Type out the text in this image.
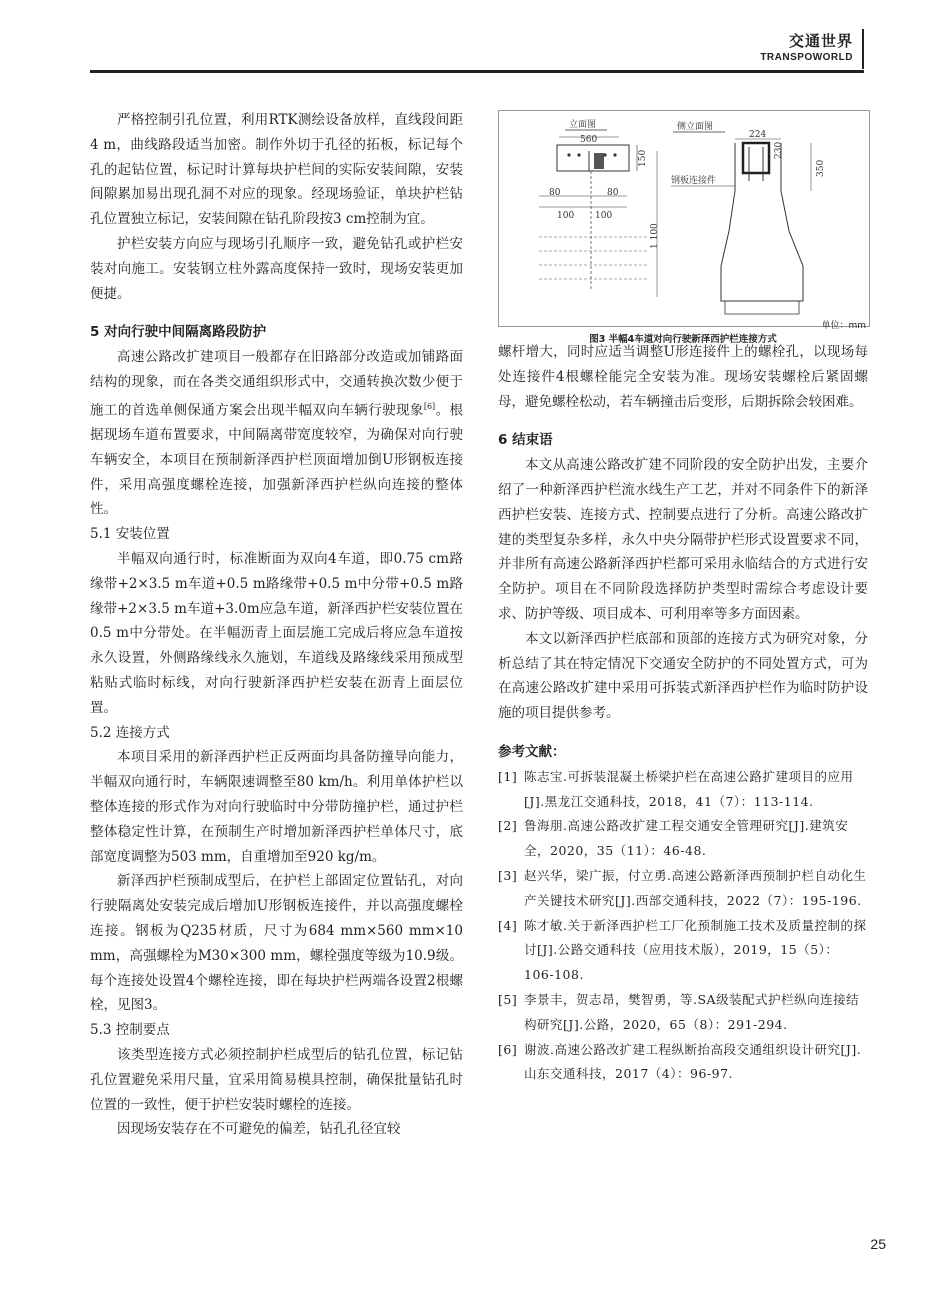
交通世界
TRANSPOWORLD

严格控制引孔位置，利用RTK测绘设备放样，直线段间距4 m，曲线路段适当加密。制作外切于孔径的拓板，标记每个孔的起钻位置，标记时计算每块护栏间的实际安装间隙，安装间隙累加易出现孔洞不对应的现象。经现场验证，单块护栏钻孔位置独立标记，安装间隙在钻孔阶段按3 cm控制为宜。

护栏安装方向应与现场引孔顺序一致，避免钻孔或护栏安装对向施工。安装钢立柱外露高度保持一致时，现场安装更加便捷。

5 对向行驶中间隔离路段防护

高速公路改扩建项目一般都存在旧路部分改造或加铺路面结构的现象，而在各类交通组织形式中，交通转换次数少便于施工的首选单侧保通方案会出现半幅双向车辆行驶现象[6]。根据现场车道布置要求，中间隔离带宽度较窄，为确保对向行驶车辆安全，本项目在预制新泽西护栏顶面增加倒U形钢板连接件，采用高强度螺栓连接，加强新泽西护栏纵向连接的整体性。

5.1 安装位置

半幅双向通行时，标准断面为双向4车道，即0.75 cm路缘带+2×3.5 m车道+0.5 m路缘带+0.5 m中分带+0.5 m路缘带+2×3.5 m车道+3.0m应急车道，新泽西护栏安装位置在0.5 m中分带处。在半幅沥青上面层施工完成后将应急车道按永久设置，外侧路缘线永久施划，车道线及路缘线采用预成型粘贴式临时标线，对向行驶新泽西护栏安装在沥青上面层位置。

5.2 连接方式

本项目采用的新泽西护栏正反两面均具备防撞导向能力，半幅双向通行时，车辆限速调整至80 km/h。利用单体护栏以整体连接的形式作为对向行驶临时中分带防撞护栏，通过护栏整体稳定性计算，在预制生产时增加新泽西护栏单体尺寸，底部宽度调整为503 mm，自重增加至920 kg/m。

新泽西护栏预制成型后，在护栏上部固定位置钻孔，对向行驶隔离处安装完成后增加U形钢板连接件，并以高强度螺栓连接。钢板为Q235材质，尺寸为684 mm×560 mm×10 mm，高强螺栓为M30×300 mm，螺栓强度等级为10.9级。每个连接处设置4个螺栓连接，即在每块护栏两端各设置2根螺栓，见图3。

5.3 控制要点

该类型连接方式必须控制护栏成型后的钻孔位置，标记钻孔位置避免采用尺量，宜采用简易模具控制，确保批量钻孔时位置的一致性，便于护栏安装时螺栓的连接。

因现场安装存在不可避免的偏差，钻孔孔径宜较

立面图
560
150
80	80
100 100
1 100
侧立面图
224
230
350
钢板连接件
单位：mm
图3 半幅4车道对向行驶新泽西护栏连接方式

螺杆增大，同时应适当调整U形连接件上的螺栓孔，以现场每处连接件4根螺栓能完全安装为准。现场安装螺栓后紧固螺母，避免螺栓松动，若车辆撞击后变形，后期拆除会较困难。

6 结束语

本文从高速公路改扩建不同阶段的安全防护出发，主要介绍了一种新泽西护栏流水线生产工艺，并对不同条件下的新泽西护栏安装、连接方式、控制要点进行了分析。高速公路改扩建的类型复杂多样，永久中央分隔带护栏形式设置要求不同，并非所有高速公路新泽西护栏都可采用永临结合的方式进行安全防护。项目在不同阶段选择防护类型时需综合考虑设计要求、防护等级、项目成本、可利用率等多方面因素。

本文以新泽西护栏底部和顶部的连接方式为研究对象，分析总结了其在特定情况下交通安全防护的不同处置方式，可为在高速公路改扩建中采用可拆装式新泽西护栏作为临时防护设施的项目提供参考。

参考文献：
[1] 陈志宝.可拆装混凝土桥梁护栏在高速公路扩建项目的应用[J].黑龙江交通科技，2018，41（7）：113-114.
[2] 鲁海朋.高速公路改扩建工程交通安全管理研究[J].建筑安全，2020，35（11）：46-48.
[3] 赵兴华，梁广振，付立勇.高速公路新泽西预制护栏自动化生产关键技术研究[J].西部交通科技，2022（7）：195-196.
[4] 陈才敏.关于新泽西护栏工厂化预制施工技术及质量控制的探讨[J].公路交通科技（应用技术版），2019，15（5）：106-108.
[5] 李景丰，贺志昂，樊智勇，等.SA级装配式护栏纵向连接结构研究[J].公路，2020，65（8）：291-294.
[6] 谢波.高速公路改扩建工程纵断抬高段交通组织设计研究[J].山东交通科技，2017（4）：96-97.
25
